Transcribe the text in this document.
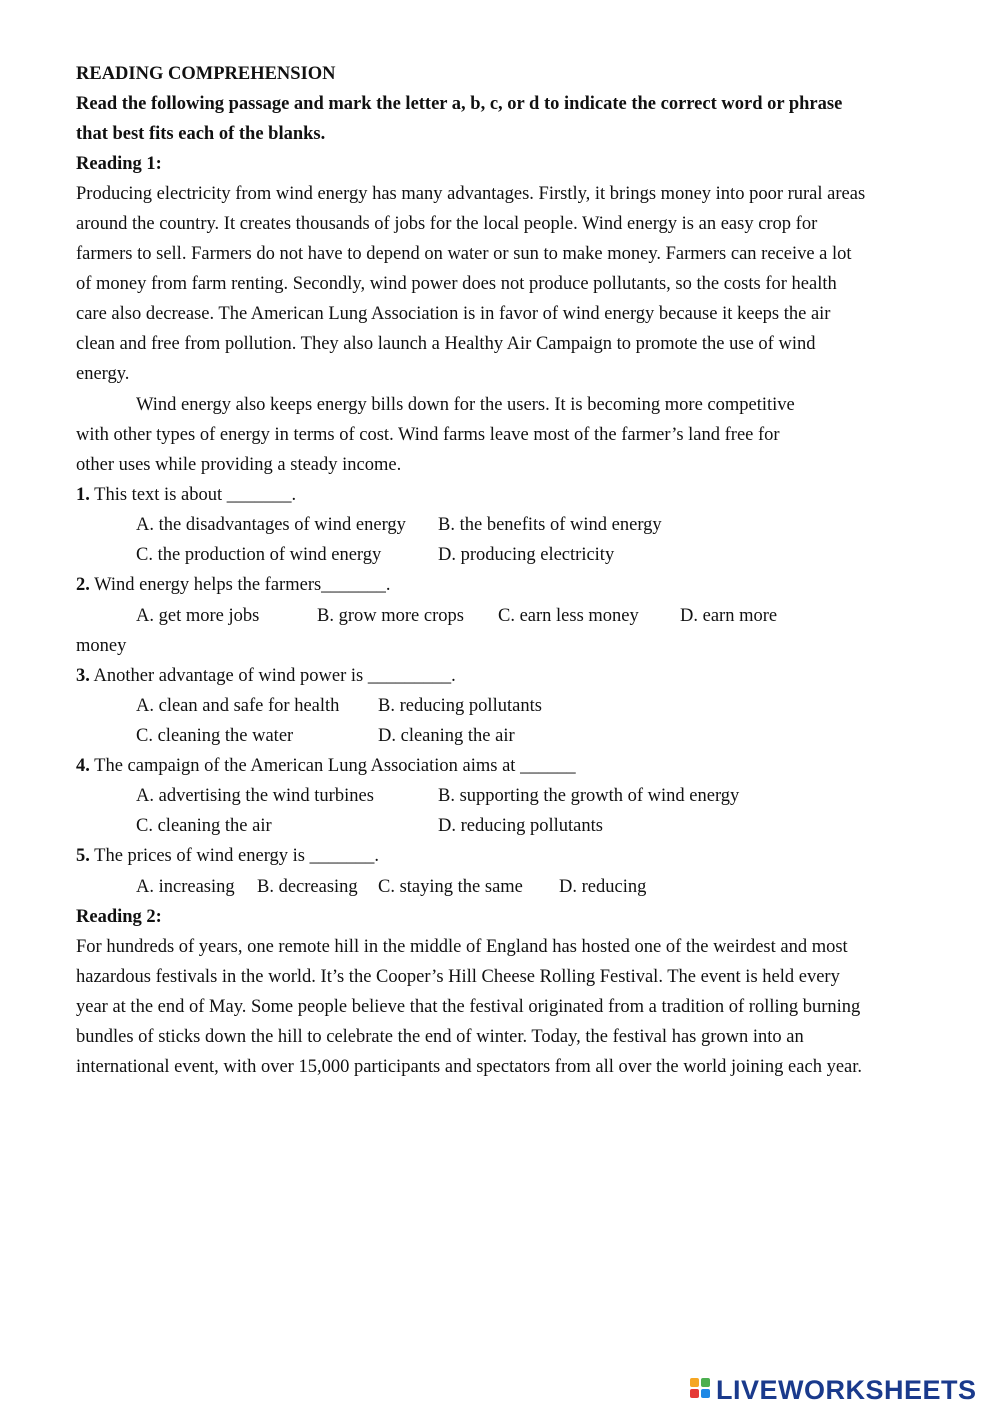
READING COMPREHENSION

Read the following passage and mark the letter a, b, c, or d to indicate the correct word or phrase

that best fits each of the blanks.

Reading 1:

Producing electricity from wind energy has many advantages. Firstly, it brings money into poor rural areas

around the country. It creates thousands of jobs for the local people. Wind energy is an easy crop for

farmers to sell. Farmers do not have to depend on water or sun to make money. Farmers can receive a lot

of money from farm renting. Secondly, wind power does not produce pollutants, so the costs for health

care also decrease. The American Lung Association is in favor of wind energy because it keeps the air

clean and free from pollution. They also launch a Healthy Air Campaign to promote the use of wind

energy.

Wind energy also keeps energy bills down for the users. It is becoming more competitive

with other types of energy in terms of cost. Wind farms leave most of the farmer’s land free for

other uses while providing a steady income.

1. This text is about _______.

A. the disadvantages of wind energy B. the benefits of wind energy
C. the production of wind energy	D. producing electricity

2. Wind energy helps the farmers_______.

A. get more jobs	B. grow more crops C. earn less money D. earn more

money

3. Another advantage of wind power is _________.

A. clean and safe for health B. reducing pollutants
C. cleaning the water	D. cleaning the air

4. The campaign of the American Lung Association aims at ______

A. advertising the wind turbines	B. supporting the growth of wind energy
C. cleaning the air	D. reducing pollutants

5. The prices of wind energy is _______.

A. increasing B. decreasing C. staying the same D. reducing

Reading 2:

For hundreds of years, one remote hill in the middle of England has hosted one of the weirdest and most

hazardous festivals in the world. It’s the Cooper’s Hill Cheese Rolling Festival. The event is held every

year at the end of May. Some people believe that the festival originated from a tradition of rolling burning

bundles of sticks down the hill to celebrate the end of winter. Today, the festival has grown into an

international event, with over 15,000 participants and spectators from all over the world joining each year.

LIVEWORKSHEETS
